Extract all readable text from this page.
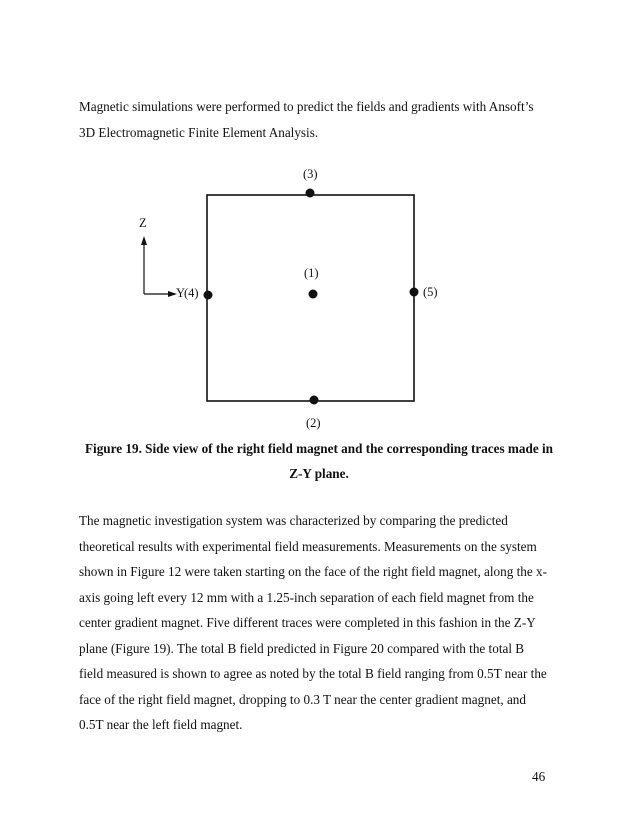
Magnetic simulations were performed to predict the fields and gradients with Ansoft’s
3D Electromagnetic Finite Element Analysis.
(3)
Z
(1)
Y
(4)	(5)
(2)
Figure 19. Side view of the right field magnet and the corresponding traces made in
Z-Y plane.
The magnetic investigation system was characterized by comparing the predicted
theoretical results with experimental field measurements. Measurements on the system
shown in Figure 12 were taken starting on the face of the right field magnet, along the x-
axis going left every 12 mm with a 1.25-inch separation of each field magnet from the
center gradient magnet. Five different traces were completed in this fashion in the Z-Y
plane (Figure 19). The total B field predicted in Figure 20 compared with the total B
field measured is shown to agree as noted by the total B field ranging from 0.5T near the
face of the right field magnet, dropping to 0.3 T near the center gradient magnet, and
0.5T near the left field magnet.
46
